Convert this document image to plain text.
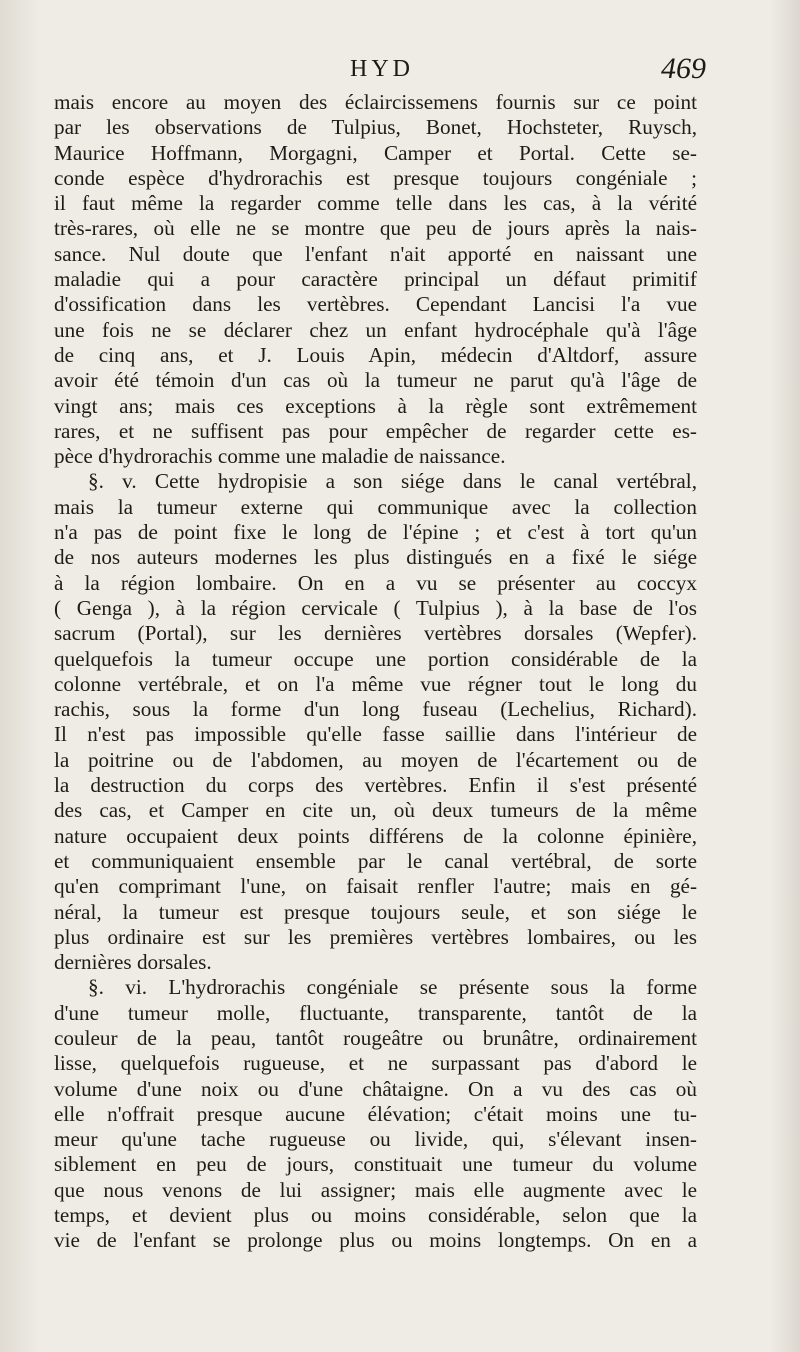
HYD	469
mais encore au moyen des éclaircissemens fournis sur ce point
par les observations de Tulpius, Bonet, Hochsteter, Ruysch,
Maurice Hoffmann, Morgagni, Camper et Portal. Cette se-
conde espèce d'hydrorachis est presque toujours congéniale ;
il faut même la regarder comme telle dans les cas, à la vérité
très-rares, où elle ne se montre que peu de jours après la nais-
sance. Nul doute que l'enfant n'ait apporté en naissant une
maladie qui a pour caractère principal un défaut primitif
d'ossification dans les vertèbres. Cependant Lancisi l'a vue
une fois ne se déclarer chez un enfant hydrocéphale qu'à l'âge
de cinq ans, et J. Louis Apin, médecin d'Altdorf, assure
avoir été témoin d'un cas où la tumeur ne parut qu'à l'âge de
vingt ans; mais ces exceptions à la règle sont extrêmement
rares, et ne suffisent pas pour empêcher de regarder cette es-
pèce d'hydrorachis comme une maladie de naissance.
§. v. Cette hydropisie a son siége dans le canal vertébral,
mais la tumeur externe qui communique avec la collection
n'a pas de point fixe le long de l'épine ; et c'est à tort qu'un
de nos auteurs modernes les plus distingués en a fixé le siége
à la région lombaire. On en a vu se présenter au coccyx
( Genga ), à la région cervicale ( Tulpius ), à la base de l'os
sacrum (Portal), sur les dernières vertèbres dorsales (Wepfer).
quelquefois la tumeur occupe une portion considérable de la
colonne vertébrale, et on l'a même vue régner tout le long du
rachis, sous la forme d'un long fuseau (Lechelius, Richard).
Il n'est pas impossible qu'elle fasse saillie dans l'intérieur de
la poitrine ou de l'abdomen, au moyen de l'écartement ou de
la destruction du corps des vertèbres. Enfin il s'est présenté
des cas, et Camper en cite un, où deux tumeurs de la même
nature occupaient deux points différens de la colonne épinière,
et communiquaient ensemble par le canal vertébral, de sorte
qu'en comprimant l'une, on faisait renfler l'autre; mais en gé-
néral, la tumeur est presque toujours seule, et son siége le
plus ordinaire est sur les premières vertèbres lombaires, ou les
dernières dorsales.
§. vi. L'hydrorachis congéniale se présente sous la forme
d'une tumeur molle, fluctuante, transparente, tantôt de la
couleur de la peau, tantôt rougeâtre ou brunâtre, ordinairement
lisse, quelquefois rugueuse, et ne surpassant pas d'abord le
volume d'une noix ou d'une châtaigne. On a vu des cas où
elle n'offrait presque aucune élévation; c'était moins une tu-
meur qu'une tache rugueuse ou livide, qui, s'élevant insen-
siblement en peu de jours, constituait une tumeur du volume
que nous venons de lui assigner; mais elle augmente avec le
temps, et devient plus ou moins considérable, selon que la
vie de l'enfant se prolonge plus ou moins longtemps. On en a
